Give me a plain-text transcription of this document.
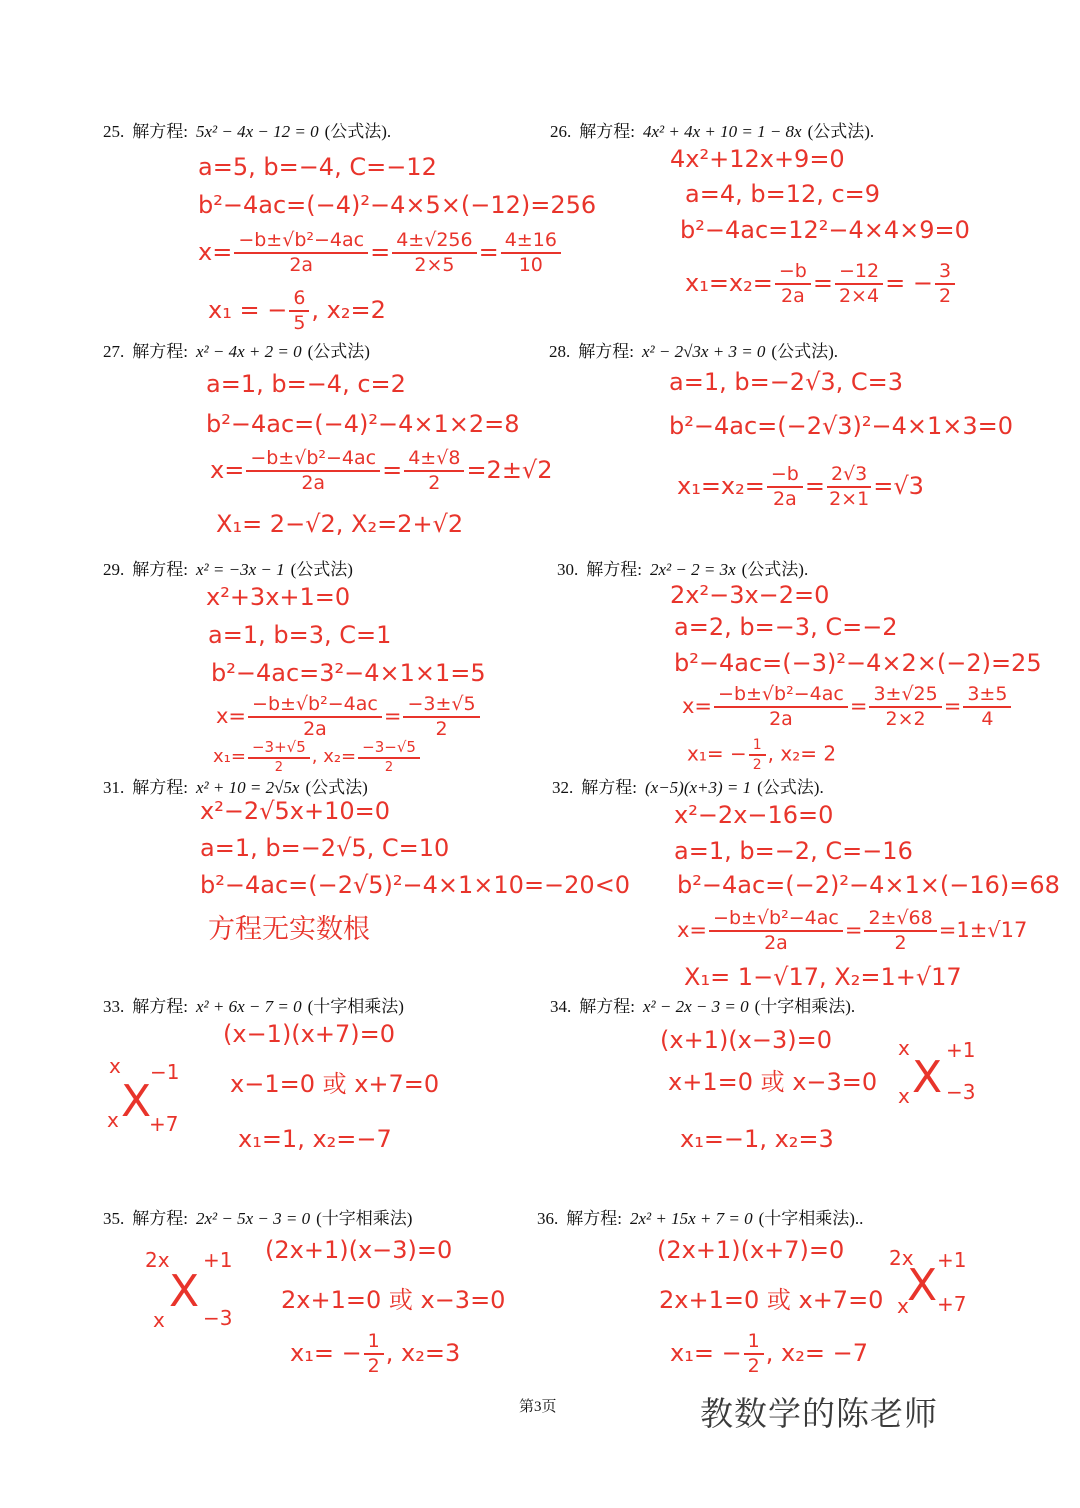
25. 解方程: 5x² − 4x − 12 = 0 (公式法).
a=5, b=−4, C=−12
b²−4ac=(−4)²−4×5×(−12)=256
$x= \frac{\text{−b±√b²−4ac}}{2a} = \frac{4\pm√256}{2\times 5} = \frac{4\pm 16}{10}$
x₁ = − $\frac{6}{5}$ , x₂=2
26. 解方程: 4x² + 4x + 10 = 1 − 8x (公式法).
4x²+12x+9=0
a=4, b=12, c=9
b²−4ac=12²−4×4×9=0
$x_1=x_2= \frac{-b}{2a} = \frac{-12}{2\times 4}$ = − $\frac{3}{2}$
27. 解方程: x² − 4x + 2 = 0 (公式法)
a=1, b=−4, c=2
b²−4ac=(−4)²−4×1×2=8
$x= \frac{\text{−b±√b²−4ac}}{2a} = \frac{4\pm√8}{2} =2\pm√2$
X₁= 2−√2, X₂=2+√2
28. 解方程: x² − 2√3x + 3 = 0 (公式法).
a=1, b=−2√3, C=3
b²−4ac=(−2√3)²−4×1×3=0
$x_1=x_2= \frac{-b}{2a} = \frac{2√3}{2\times 1} =√3$
29. 解方程: x² = −3x − 1 (公式法)
x²+3x+1=0
a=1, b=3, C=1
b²−4ac=3²−4×1×1=5
$x= \frac{\text{−b±√b²−4ac}}{2a} = \frac{-3\pm√5}{2}$
$x_1= \frac{-3+√5}{2}$ , $x_2= \frac{-3-√5}{2}$
30. 解方程: 2x² − 2 = 3x (公式法).
2x²−3x−2=0
a=2, b=−3, C=−2
b²−4ac=(−3)²−4×2×(−2)=25
$x= \frac{\text{−b±√b²−4ac}}{2a} = \frac{3\pm√25}{2\times 2} = \frac{3\pm 5}{4}$
$x_1= - \frac{1}{2}$ , x₂= 2
31. 解方程: x² + 10 = 2√5x (公式法)
x²−2√5x+10=0
a=1, b=−2√5, C=10
b²−4ac=(−2√5)²−4×1×10=−20<0
方程无实数根
32. 解方程: (x−5)(x+3) = 1 (公式法).
x²−2x−16=0
a=1, b=−2, C=−16
b²−4ac=(−2)²−4×1×(−16)=68
$x= \frac{\text{−b±√b²−4ac}}{2a} = \frac{2\pm√68}{2} =1\pm√17$
X₁= 1−√17, X₂=1+√17
33. 解方程: x² + 6x − 7 = 0 (十字相乘法)
(x−1)(x+7)=0
x−1=0 或 x+7=0
x₁=1, x₂=−7
x −1
X
x +7
34. 解方程: x² − 2x − 3 = 0 (十字相乘法).
(x+1)(x−3)=0
x+1=0 或 x−3=0
x₁=−1, x₂=3
x +1
X
x −3
35. 解方程: 2x² − 5x − 3 = 0 (十字相乘法)
(2x+1)(x−3)=0
2x+1=0 或 x−3=0
$x_1= - \frac{1}{2}$ , x₂=3
2x +1
X
x −3
36. 解方程: 2x² + 15x + 7 = 0 (十字相乘法)..
(2x+1)(x+7)=0
2x+1=0 或 x+7=0
$x_1= - \frac{1}{2}$ , x₂= −7
2x +1
X
x +7
第3页	教数学的陈老师
